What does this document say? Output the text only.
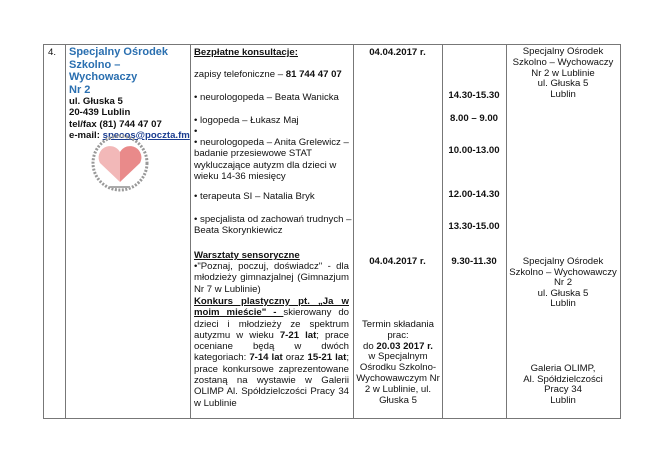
4. Specjalny Ośrodek
Szkolno – Wychowaczy
Nr 2
ul. Głuska 5
20-439 Lublin
tel/fax (81) 744 47 07
e-mail: specos@poczta.fm
Bezpłatne konsultacje:
zapisy telefoniczne – 81 744 47 07
• neurologopeda – Beata Wanicka
• logopeda – Łukasz Maj
•
• neurologopeda – Anita Grelewicz – badanie przesiewowe STAT wykluczające autyzm dla dzieci w wieku 14-36 miesięcy
• terapeuta SI – Natalia Bryk
• specjalista od zachowań trudnych – Beata Skorynkiewicz
04.04.2017 r.
14.30-15.30
8.00 – 9.00
10.00-13.00
12.00-14.30
13.30-15.00
Specjalny Ośrodek
Szkolno – Wychowaczy
Nr 2 w Lublinie
ul. Głuska 5
Lublin
Warsztaty sensoryczne
•"Poznaj, poczuj, doświadcz" - dla młodzieży gimnazjalnej (Gimnazjum Nr 7 w Lublinie)
04.04.2017 r.	9.30-11.30	Specjalny Ośrodek
Szkolno – Wychowawczy
Nr 2
ul. Głuska 5
Lublin
Konkurs plastyczny pt. „Ja w moim mieście" - skierowany do dzieci i młodzieży ze spektrum autyzmu w wieku 7-21 lat; prace oceniane będą w dwóch kategoriach: 7-14 lat oraz 15-21 lat; prace konkursowe zaprezentowane zostaną na wystawie w Galerii OLIMP Al. Spółdzielczości Pracy 34 w Lublinie
Termin składania prac:
do 20.03 2017 r.
w Specjalnym Ośrodku Szkolno-Wychowawczym Nr 2 w Lublinie, ul. Głuska 5
Galeria OLIMP,
Al. Spółdzielczości
Pracy 34
Lublin
